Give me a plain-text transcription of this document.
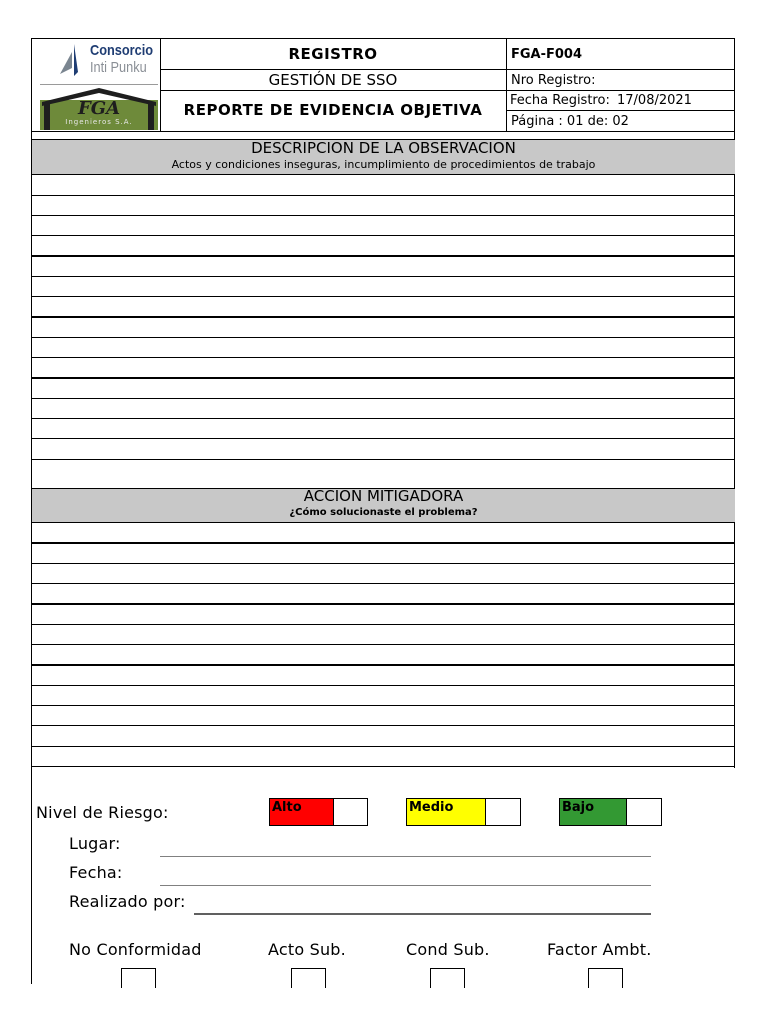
Consorcio
Inti Punku
FGA
Ingenieros S.A.
REGISTRO
GESTIÓN DE SSO
REPORTE DE EVIDENCIA OBJETIVA
FGA-F004
Nro Registro:
Fecha Registro: 17/08/2021
Página : 01 de: 02
DESCRIPCION DE LA OBSERVACION
Actos y condiciones inseguras, incumplimiento de procedimientos de trabajo
ACCION MITIGADORA
¿Cómo solucionaste el problema?
Nivel de Riesgo:	Alto	Medio	Bajo
Lugar:
Fecha:
Realizado por:
No Conformidad	Acto Sub.	Cond Sub.	Factor Ambt.
